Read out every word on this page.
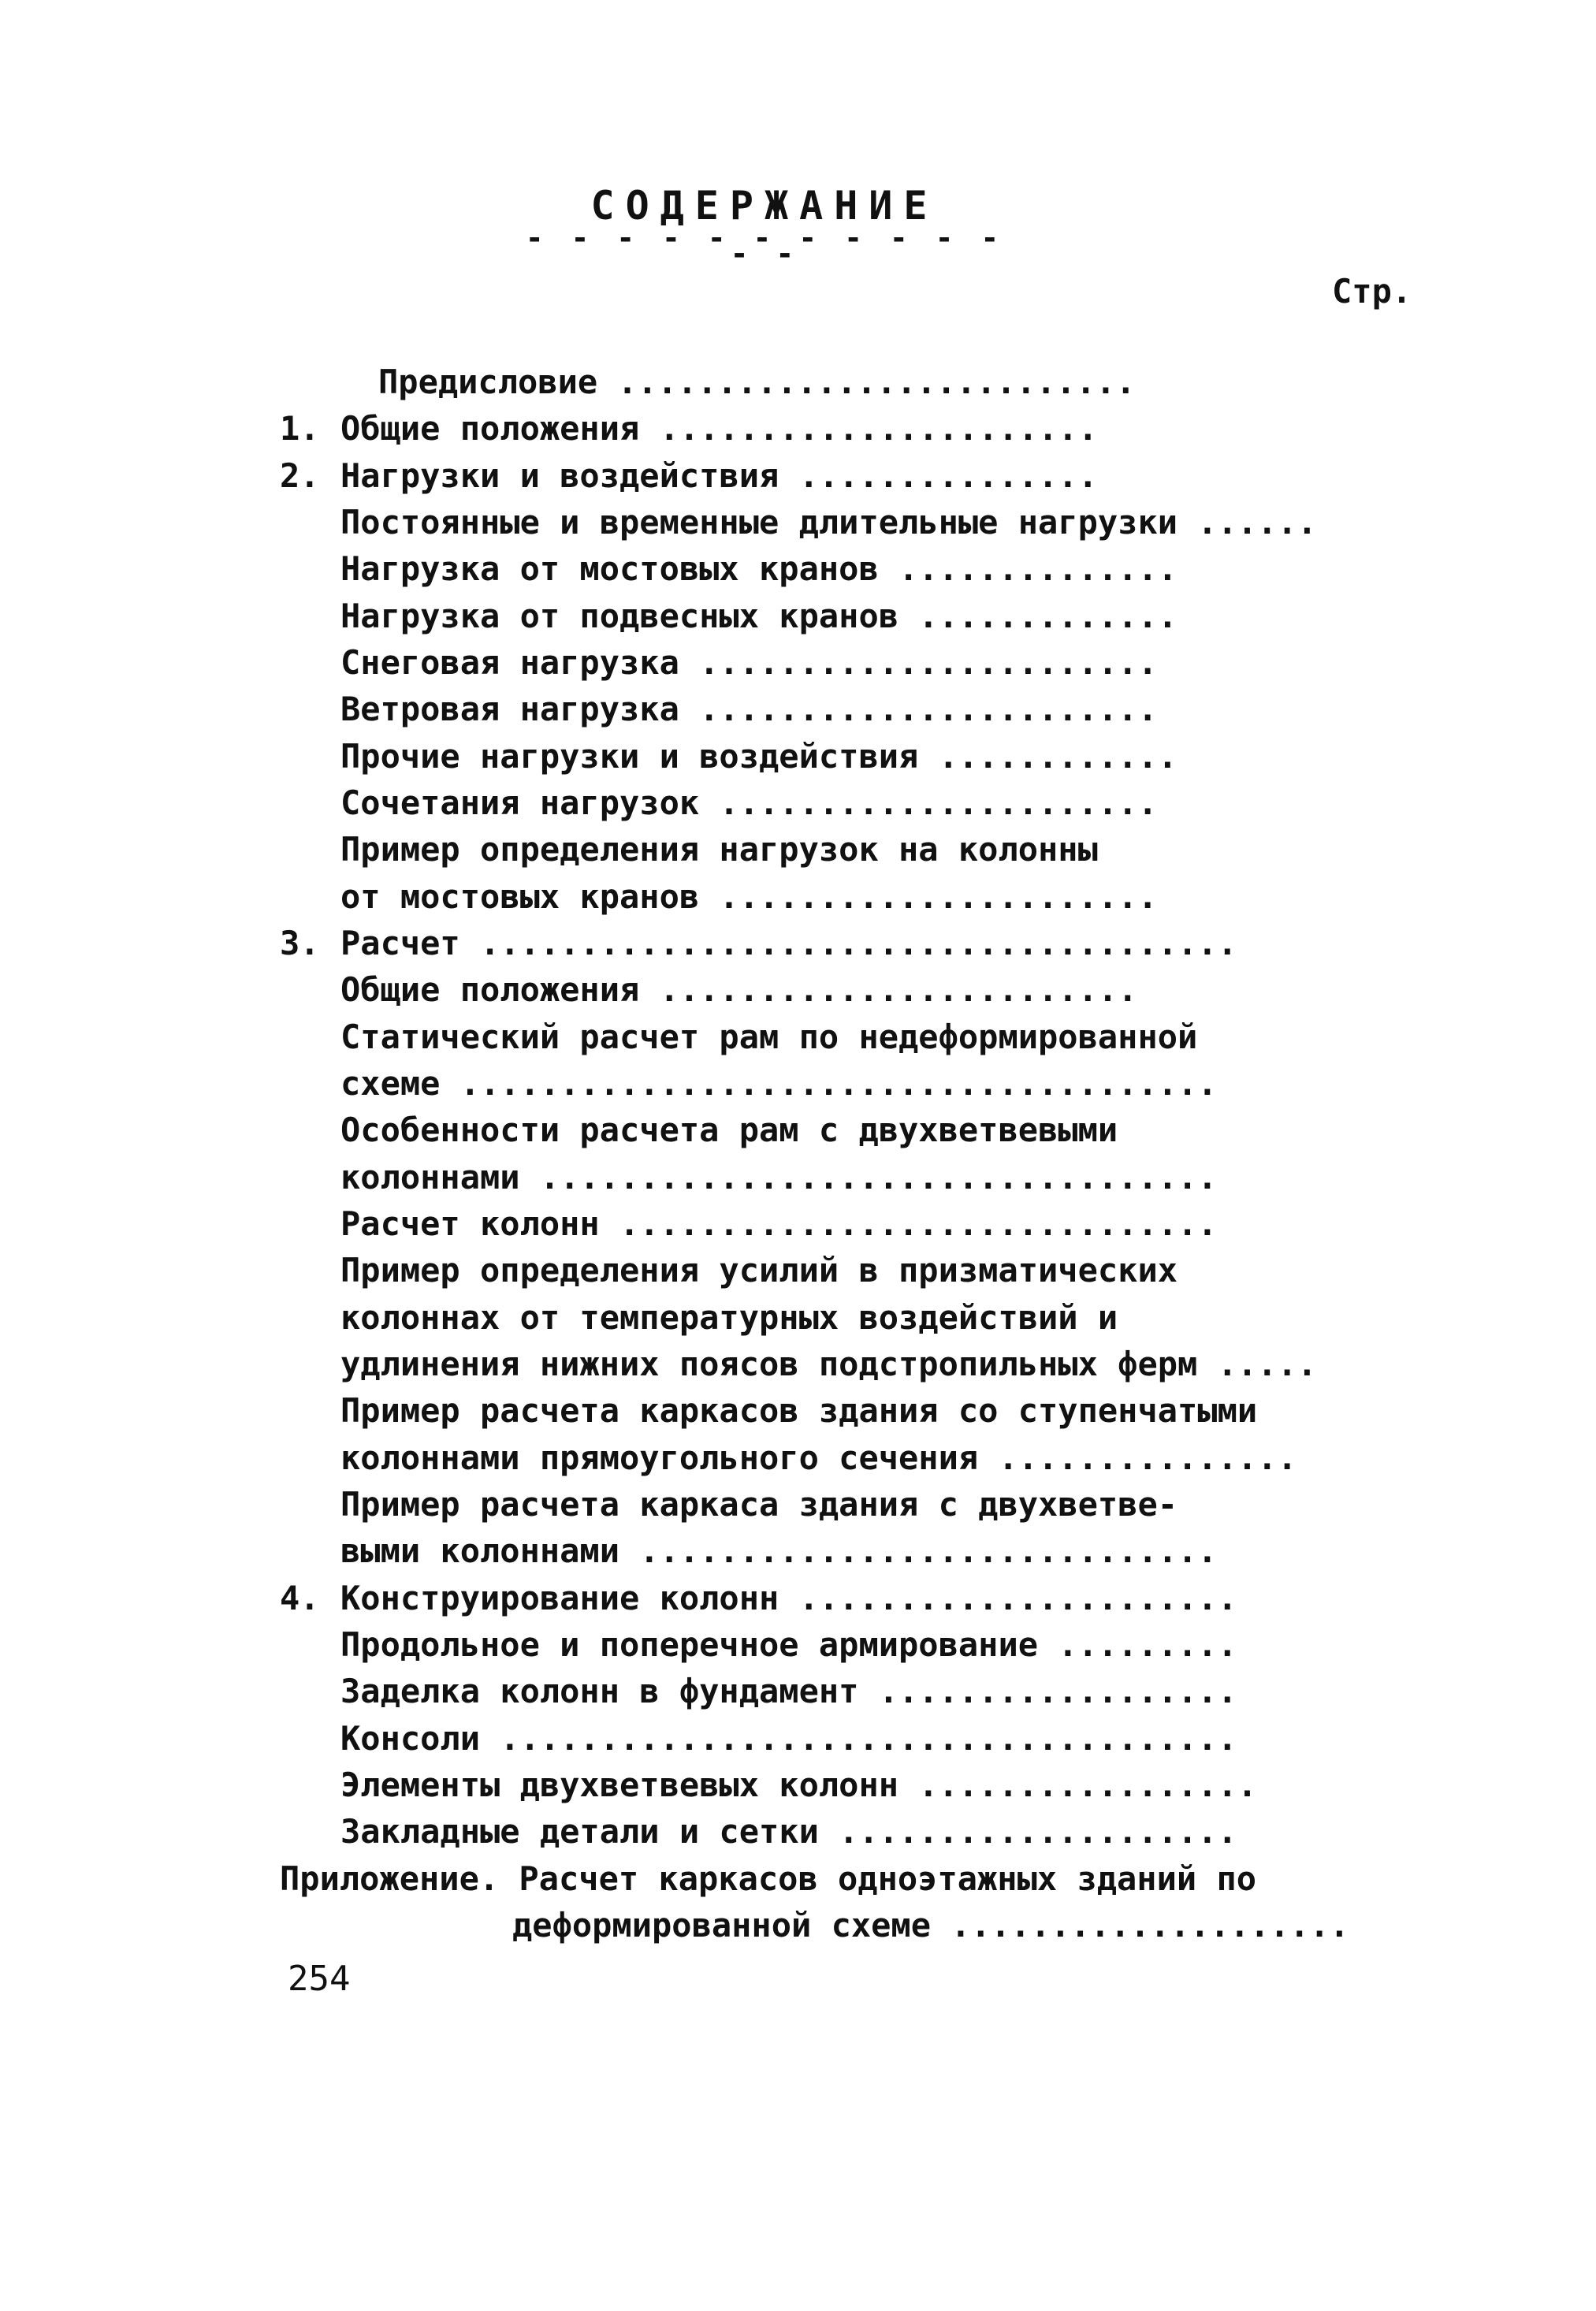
СОДЕРЖАНИЕ
- - - - - - - - - - - - -
Стр.
Предисловие ..........................
1. Общие положения ......................
2. Нагрузки и воздействия ...............
Постоянные и временные длительные нагрузки ......
Нагрузка от мостовых кранов ..............
Нагрузка от подвесных кранов .............
Снеговая нагрузка .......................
Ветровая нагрузка .......................
Прочие нагрузки и воздействия ............
Сочетания нагрузок ......................
Пример определения нагрузок на колонны
от мостовых кранов ......................
3. Расчет ......................................
Общие положения ........................
Статический расчет рам по недеформированной
схеме ......................................
Особенности расчета рам с двухветвевыми
колоннами ..................................
Расчет колонн ..............................
Пример определения усилий в призматических
колоннах от температурных воздействий и
удлинения нижних поясов подстропильных ферм .....
Пример расчета каркасов здания со ступенчатыми
колоннами прямоугольного сечения ...............
Пример расчета каркаса здания с двухветве-
выми колоннами .............................
4. Конструирование колонн ......................
Продольное и поперечное армирование .........
Заделка колонн в фундамент ..................
Консоли .....................................
Элементы двухветвевых колонн .................
Закладные детали и сетки ....................
Приложение. Расчет каркасов одноэтажных зданий по
деформированной схеме ....................
254
